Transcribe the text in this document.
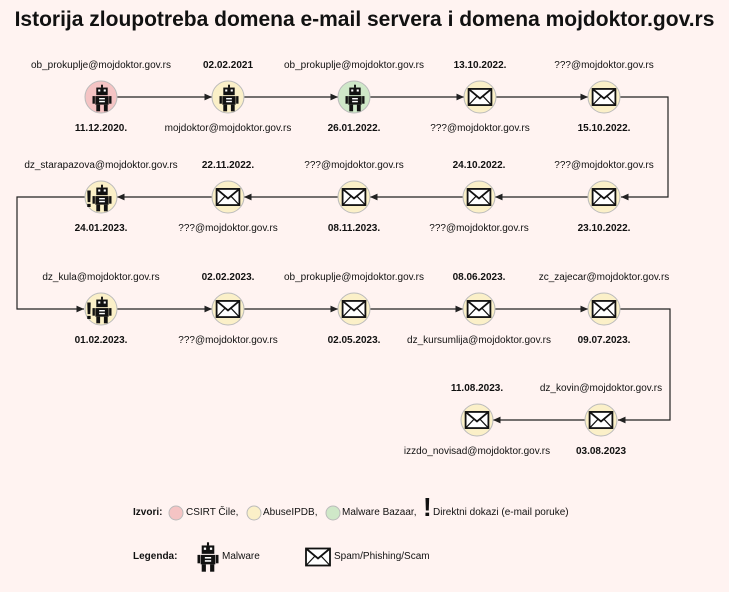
Istorija zloupotreba domena e-mail servera i domena mojdoktor.gov.rs
!
!
ob_prokuplje@mojdoktor.gov.rs
11.12.2020.
02.02.2021
mojdoktor@mojdoktor.gov.rs
ob_prokuplje@mojdoktor.gov.rs
26.01.2022.
13.10.2022.
???@mojdoktor.gov.rs
???@mojdoktor.gov.rs
15.10.2022.
???@mojdoktor.gov.rs
23.10.2022.
24.10.2022.
???@mojdoktor.gov.rs
???@mojdoktor.gov.rs
08.11.2023.
22.11.2022.
???@mojdoktor.gov.rs
dz_starapazova@mojdoktor.gov.rs
24.01.2023.
dz_kula@mojdoktor.gov.rs
01.02.2023.
02.02.2023.
???@mojdoktor.gov.rs
ob_prokuplje@mojdoktor.gov.rs
02.05.2023.
08.06.2023.
dz_kursumlija@mojdoktor.gov.rs
zc_zajecar@mojdoktor.gov.rs
09.07.2023.
dz_kovin@mojdoktor.gov.rs
03.08.2023
11.08.2023.
izzdo_novisad@mojdoktor.gov.rs
Izvori: CSIRT Čile, AbuseIPDB, Malware Bazaar, ! Direktni dokazi (e-mail poruke)
Legenda:	Malware	Spam/Phishing/Scam
